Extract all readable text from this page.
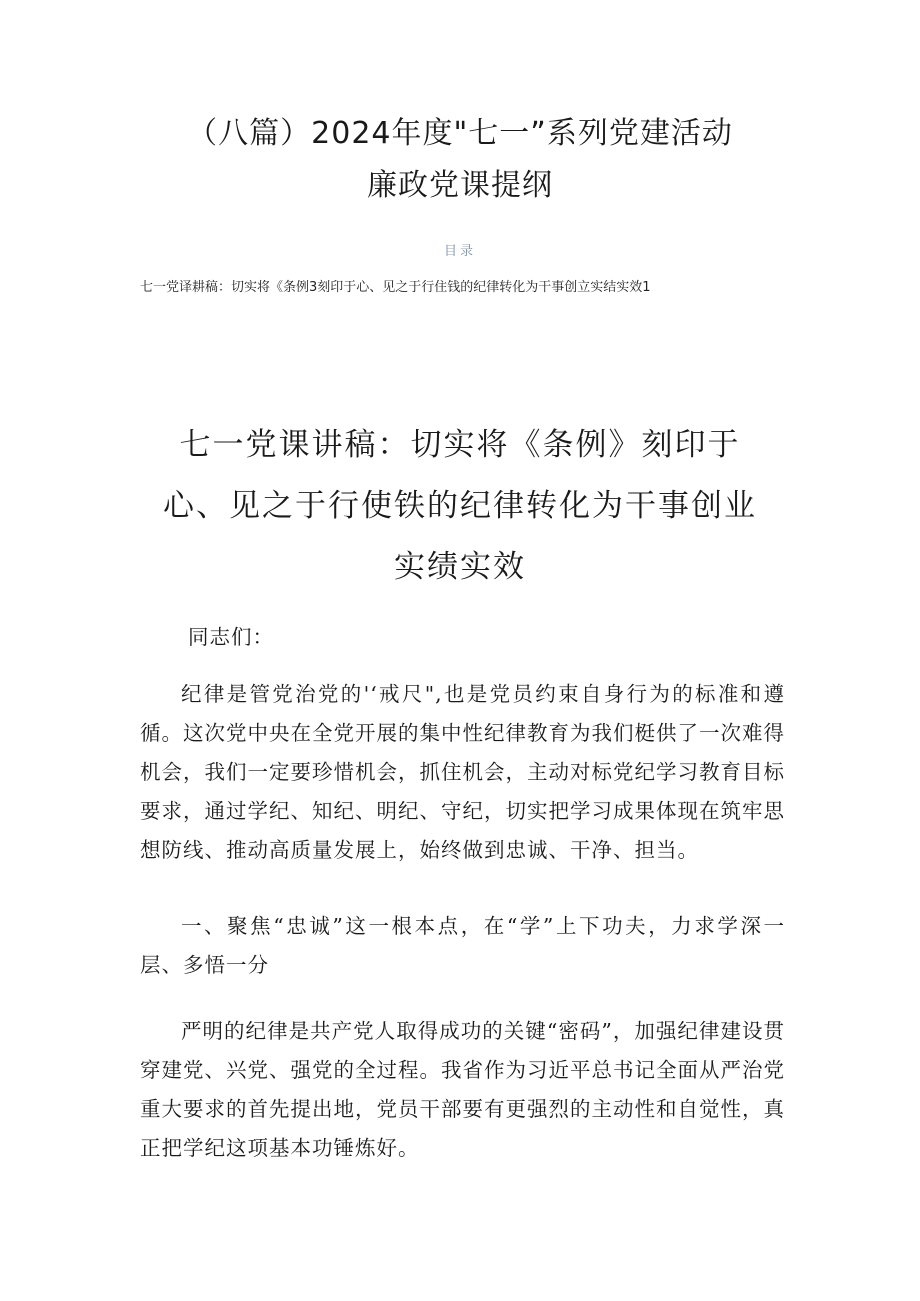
（八篇）2024年度"七一”系列党建活动
廉政党课提纲
目录
七一党译耕稿：切实将《条例3刻印于心、见之于行住钱的纪律转化为干事创立实结实效1
七一党课讲稿：切实将《条例》刻印于
心、见之于行使铁的纪律转化为干事创业
实绩实效
同志们：
纪律是管党治党的'‘戒尺",也是党员约束自身行为的标准和遵循。这次党中央在全党开展的集中性纪律教育为我们梃供了一次难得机会，我们一定要珍惜机会，抓住机会，主动对标党纪学习教育目标要求，通过学纪、知纪、明纪、守纪，切实把学习成果体现在筑牢思想防线、推动高质量发展上，始终做到忠诚、干净、担当。
一、聚焦“忠诚”这一根本点，在“学”上下功夫，力求学深一层、多悟一分
严明的纪律是共产党人取得成功的关键“密码”，加强纪律建设贯穿建党、兴党、强党的全过程。我省作为习近平总书记全面从严治党重大要求的首先提出地，党员干部要有更强烈的主动性和自觉性，真正把学纪这项基本功锤炼好。
